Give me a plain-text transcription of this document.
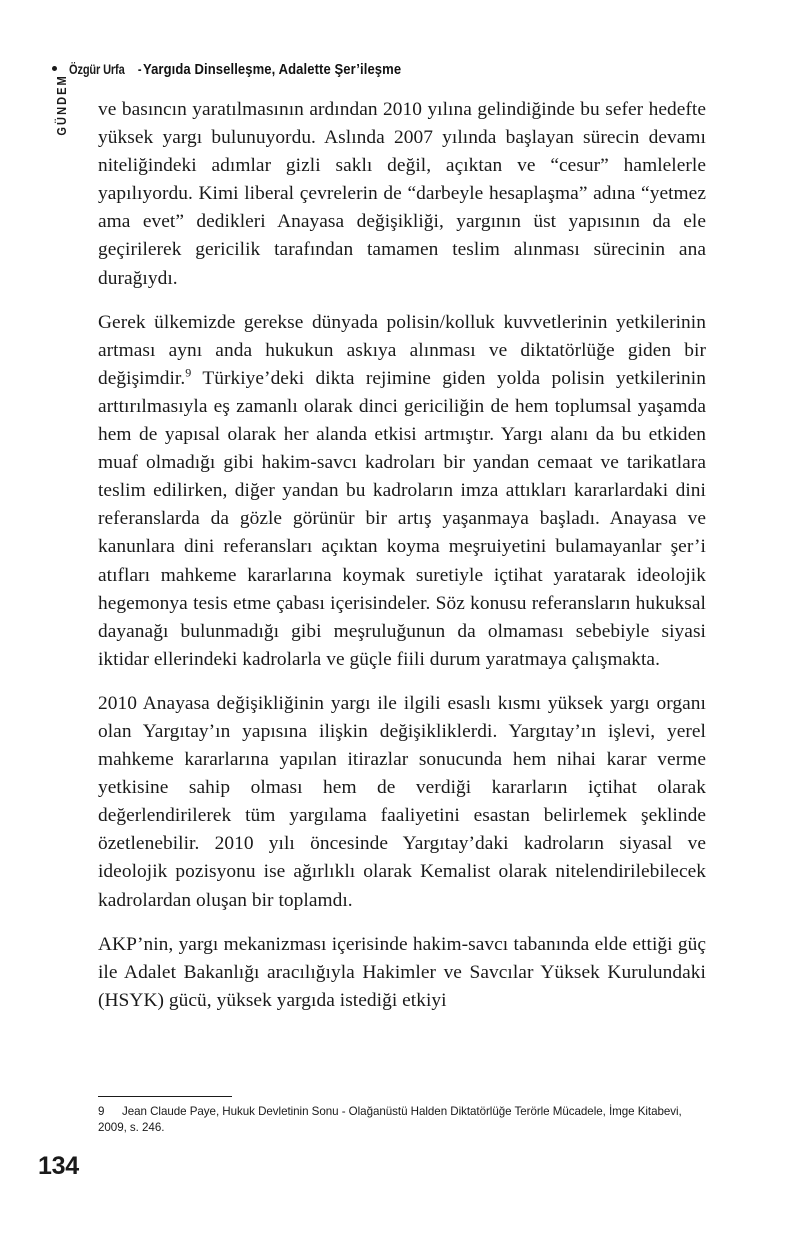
Özgür Urfa - Yargıda Dinselleşme, Adalette Şer’ileşme
GÜNDEM ve basıncın yaratılmasının ardından 2010 yılına gelindiğinde bu sefer hedefte yüksek yargı bulunuyordu. Aslında 2007 yılında başlayan sürecin devamı niteliğindeki adımlar gizli saklı değil, açıktan ve “cesur” hamlelerle yapılıyordu. Kimi liberal çevrelerin de “darbeyle hesaplaşma” adına “yetmez ama evet” dedikleri Anayasa değişikliği, yargının üst yapısının da ele geçirilerek gericilik tarafından tamamen teslim alınması sürecinin ana durağıydı.

Gerek ülkemizde gerekse dünyada polisin/kolluk kuvvetlerinin yetkilerinin artması aynı anda hukukun askıya alınması ve diktatörlüğe giden bir değişimdir.$^9$ Türkiye’deki dikta rejimine giden yolda polisin yetkilerinin arttırılmasıyla eş zamanlı olarak dinci gericiliğin de hem toplumsal yaşamda hem de yapısal olarak her alanda etkisi artmıştır. Yargı alanı da bu etkiden muaf olmadığı gibi hakim-savcı kadroları bir yandan cemaat ve tarikatlara teslim edilirken, diğer yandan bu kadroların imza attıkları kararlardaki dini referanslarda da gözle görünür bir artış yaşanmaya başladı. Anayasa ve kanunlara dini referansları açıktan koyma meşruiyetini bulamayanlar şer’i atıfları mahkeme kararlarına koymak suretiyle içtihat yaratarak ideolojik hegemonya tesis etme çabası içerisindeler. Söz konusu referansların hukuksal dayanağı bulunmadığı gibi meşruluğunun da olmaması sebebiyle siyasi iktidar ellerindeki kadrolarla ve güçle fiili durum yaratmaya çalışmakta.

2010 Anayasa değişikliğinin yargı ile ilgili esaslı kısmı yüksek yargı organı olan Yargıtay’ın yapısına ilişkin değişikliklerdi. Yargıtay’ın işlevi, yerel mahkeme kararlarına yapılan itirazlar sonucunda hem nihai karar verme yetkisine sahip olması hem de verdiği kararların içtihat olarak değerlendirilerek tüm yargılama faaliyetini esastan belirlemek şeklinde özetlenebilir. 2010 yılı öncesinde Yargıtay’daki kadroların siyasal ve ideolojik pozisyonu ise ağırlıklı olarak Kemalist olarak nitelendirilebilecek kadrolardan oluşan bir toplamdı.

AKP’nin, yargı mekanizması içerisinde hakim-savcı tabanında elde ettiği güç ile Adalet Bakanlığı aracılığıyla Hakimler ve Savcılar Yüksek Kurulundaki (HSYK) gücü, yüksek yargıda istediği etkiyi

9 Jean Claude Paye, Hukuk Devletinin Sonu - Olağanüstü Halden Diktatörlüğe Terörle Mücadele, İmge Kitabevi, 2009, s. 246.
134
